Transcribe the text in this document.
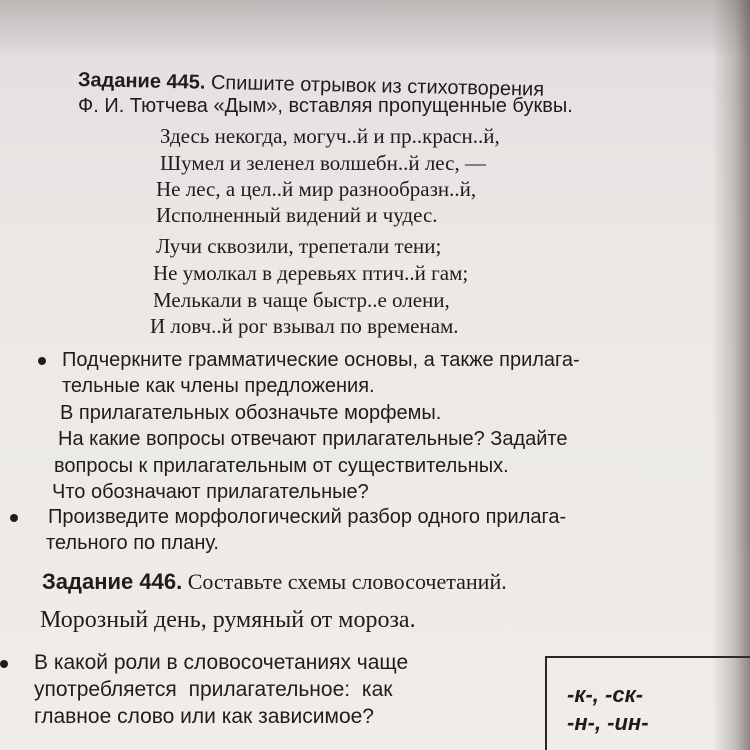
Задание 445. Спишите отрывок из стихотворения
Ф. И. Тютчева «Дым», вставляя пропущенные буквы.
Здесь некогда, могуч..й и пр..красн..й,
Шумел и зеленел волшебн..й лес, —
Не лес, а цел..й мир разнообразн..й,
Исполненный видений и чудес.
Лучи сквозили, трепетали тени;
Не умолкал в деревьях птич..й гам;
Мелькали в чаще быстр..е олени,
И ловч..й рог взывал по временам.
Подчеркните грамматические основы, а также прилага-
тельные как члены предложения.
В прилагательных обозначьте морфемы.
На какие вопросы отвечают прилагательные? Задайте
вопросы к прилагательным от существительных.
Что обозначают прилагательные?
Произведите морфологический разбор одного прилага-
тельного по плану.
Задание 446. Составьте схемы словосочетаний.
Морозный день, румяный от мороза.
В какой роли в словосочетаниях чаще
употребляется прилагательное: как
главное слово или как зависимое?
-к-, -ск-
-н-, -ин-
